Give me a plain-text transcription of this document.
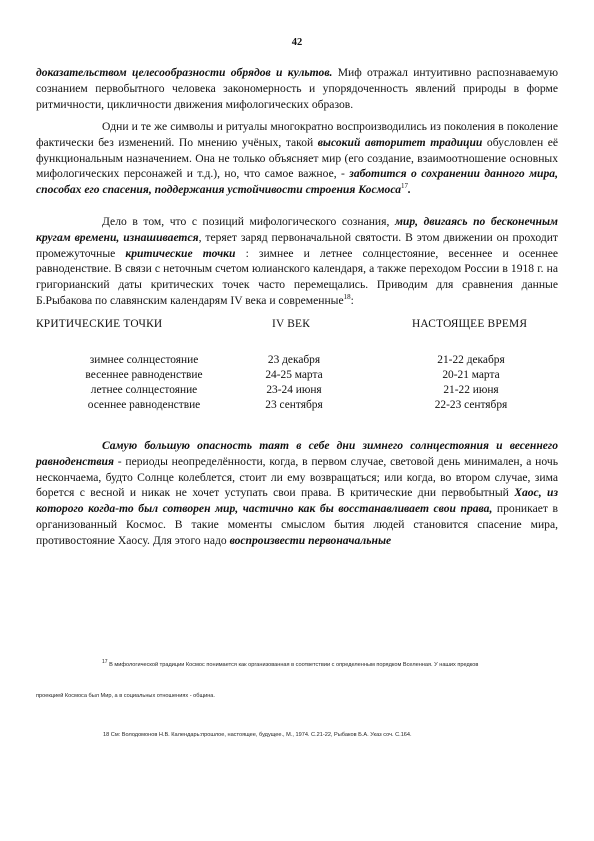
42

доказательством целесообразности обрядов и культов. Миф отражал интуитивно распознаваемую сознанием первобытного человека закономерность и упорядоченность явлений природы в форме ритмичности, цикличности движения мифологических образов.

Одни и те же символы и ритуалы многократно воспроизводились из поколения в поколение фактически без изменений. По мнению учёных, такой высокий авторитет традиции обусловлен её функциональным назначением. Она не только объясняет мир (его создание, взаимоотношение основных мифологических персонажей и т.д.), но, что самое важное, - заботится о сохранении данного мира, способах его спасения, поддержания устойчивости строения Космоса$^{17}$.

Дело в том, что с позиций мифологического сознания, мир, двигаясь по бесконечным кругам времени, изнашивается, теряет заряд первоначальной святости. В этом движении он проходит промежуточные критические точки : зимнее и летнее солнцестояние, весеннее и осеннее равноденствие. В связи с неточным счетом юлианского календаря, а также переходом России в 1918 г. на григорианский даты критических точек часто перемещались. Приводим для сравнения данные Б.Рыбакова по славянским календарям IV века и современные$^{18}$:

КРИТИЧЕСКИЕ ТОЧКИ	IV ВЕК	НАСТОЯЩЕЕ ВРЕМЯ
зимнее солнцестояние	23 декабря	21-22 декабря
весеннее равноденствие	24-25 марта	20-21 марта
летнее солнцестояние	23-24 июня	21-22 июня
осеннее равноденствие	23 сентября	22-23 сентября

Самую большую опасность таят в себе дни зимнего солнцестояния и весеннего равноденствия - периоды неопределённости, когда, в первом случае, световой день минимален, а ночь нескончаема, будто Солнце колеблется, стоит ли ему возвращаться; или когда, во втором случае, зима борется с весной и никак не хочет уступать свои права. В критические дни первобытный Хаос, из которого когда-то был сотворен мир, частично как бы восстанавливает свои права, проникает в организованный Космос. В такие моменты смыслом бытия людей становится спасение мира, противостояние Хаосу. Для этого надо воспроизвести первоначальные

$^{17}$ В мифологической традиции Космос понимается как организованная в соответствии с определенным порядком Вселенная. У наших предков
проекцией Космоса был Мир, а в социальных отношениях - община.
18 См: Володомонов Н.В. Календарь:прошлое, настоящее, будущее., М., 1974. С.21-22, Рыбаков Б.А. Указ соч. С.164.
